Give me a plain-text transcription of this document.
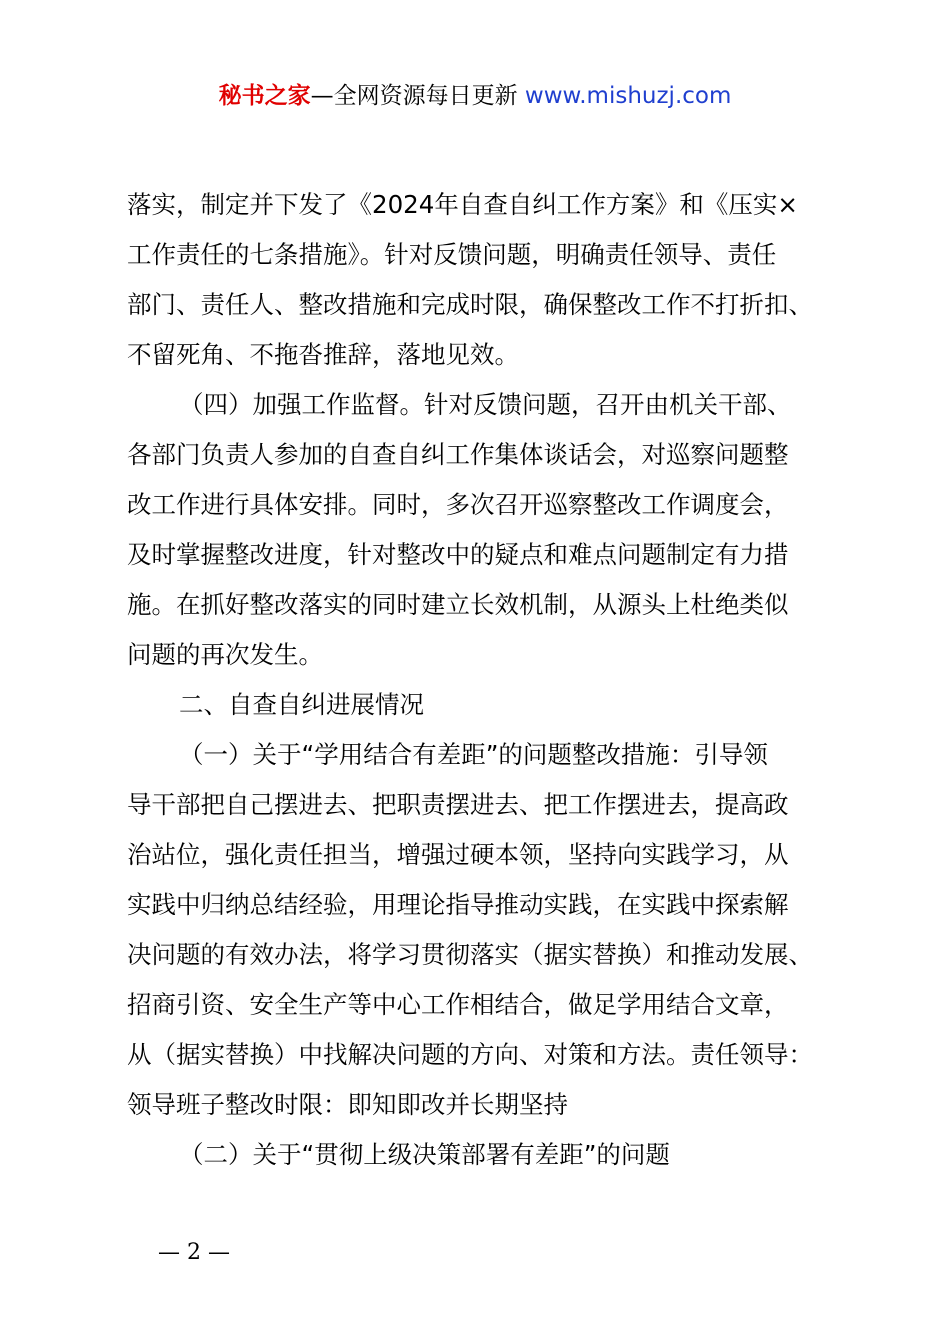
秘书之家—全网资源每日更新 www.mishuzj.com
落实，制定并下发了《2024年自查自纠工作方案》和《压实×
工作责任的七条措施》。针对反馈问题，明确责任领导、责任
部门、责任人、整改措施和完成时限，确保整改工作不打折扣、
不留死角、不拖沓推辞，落地见效。
（四）加强工作监督。针对反馈问题，召开由机关干部、
各部门负责人参加的自查自纠工作集体谈话会，对巡察问题整
改工作进行具体安排。同时，多次召开巡察整改工作调度会，
及时掌握整改进度，针对整改中的疑点和难点问题制定有力措
施。在抓好整改落实的同时建立长效机制，从源头上杜绝类似
问题的再次发生。
二、自查自纠进展情况
（一）关于“学用结合有差距”的问题整改措施：引导领
导干部把自己摆进去、把职责摆进去、把工作摆进去，提高政
治站位，强化责任担当，增强过硬本领，坚持向实践学习，从
实践中归纳总结经验，用理论指导推动实践，在实践中探索解
决问题的有效办法，将学习贯彻落实（据实替换）和推动发展、
招商引资、安全生产等中心工作相结合，做足学用结合文章，
从（据实替换）中找解决问题的方向、对策和方法。责任领导：
领导班子整改时限：即知即改并长期坚持
（二）关于“贯彻上级决策部署有差距”的问题
— 2 —
